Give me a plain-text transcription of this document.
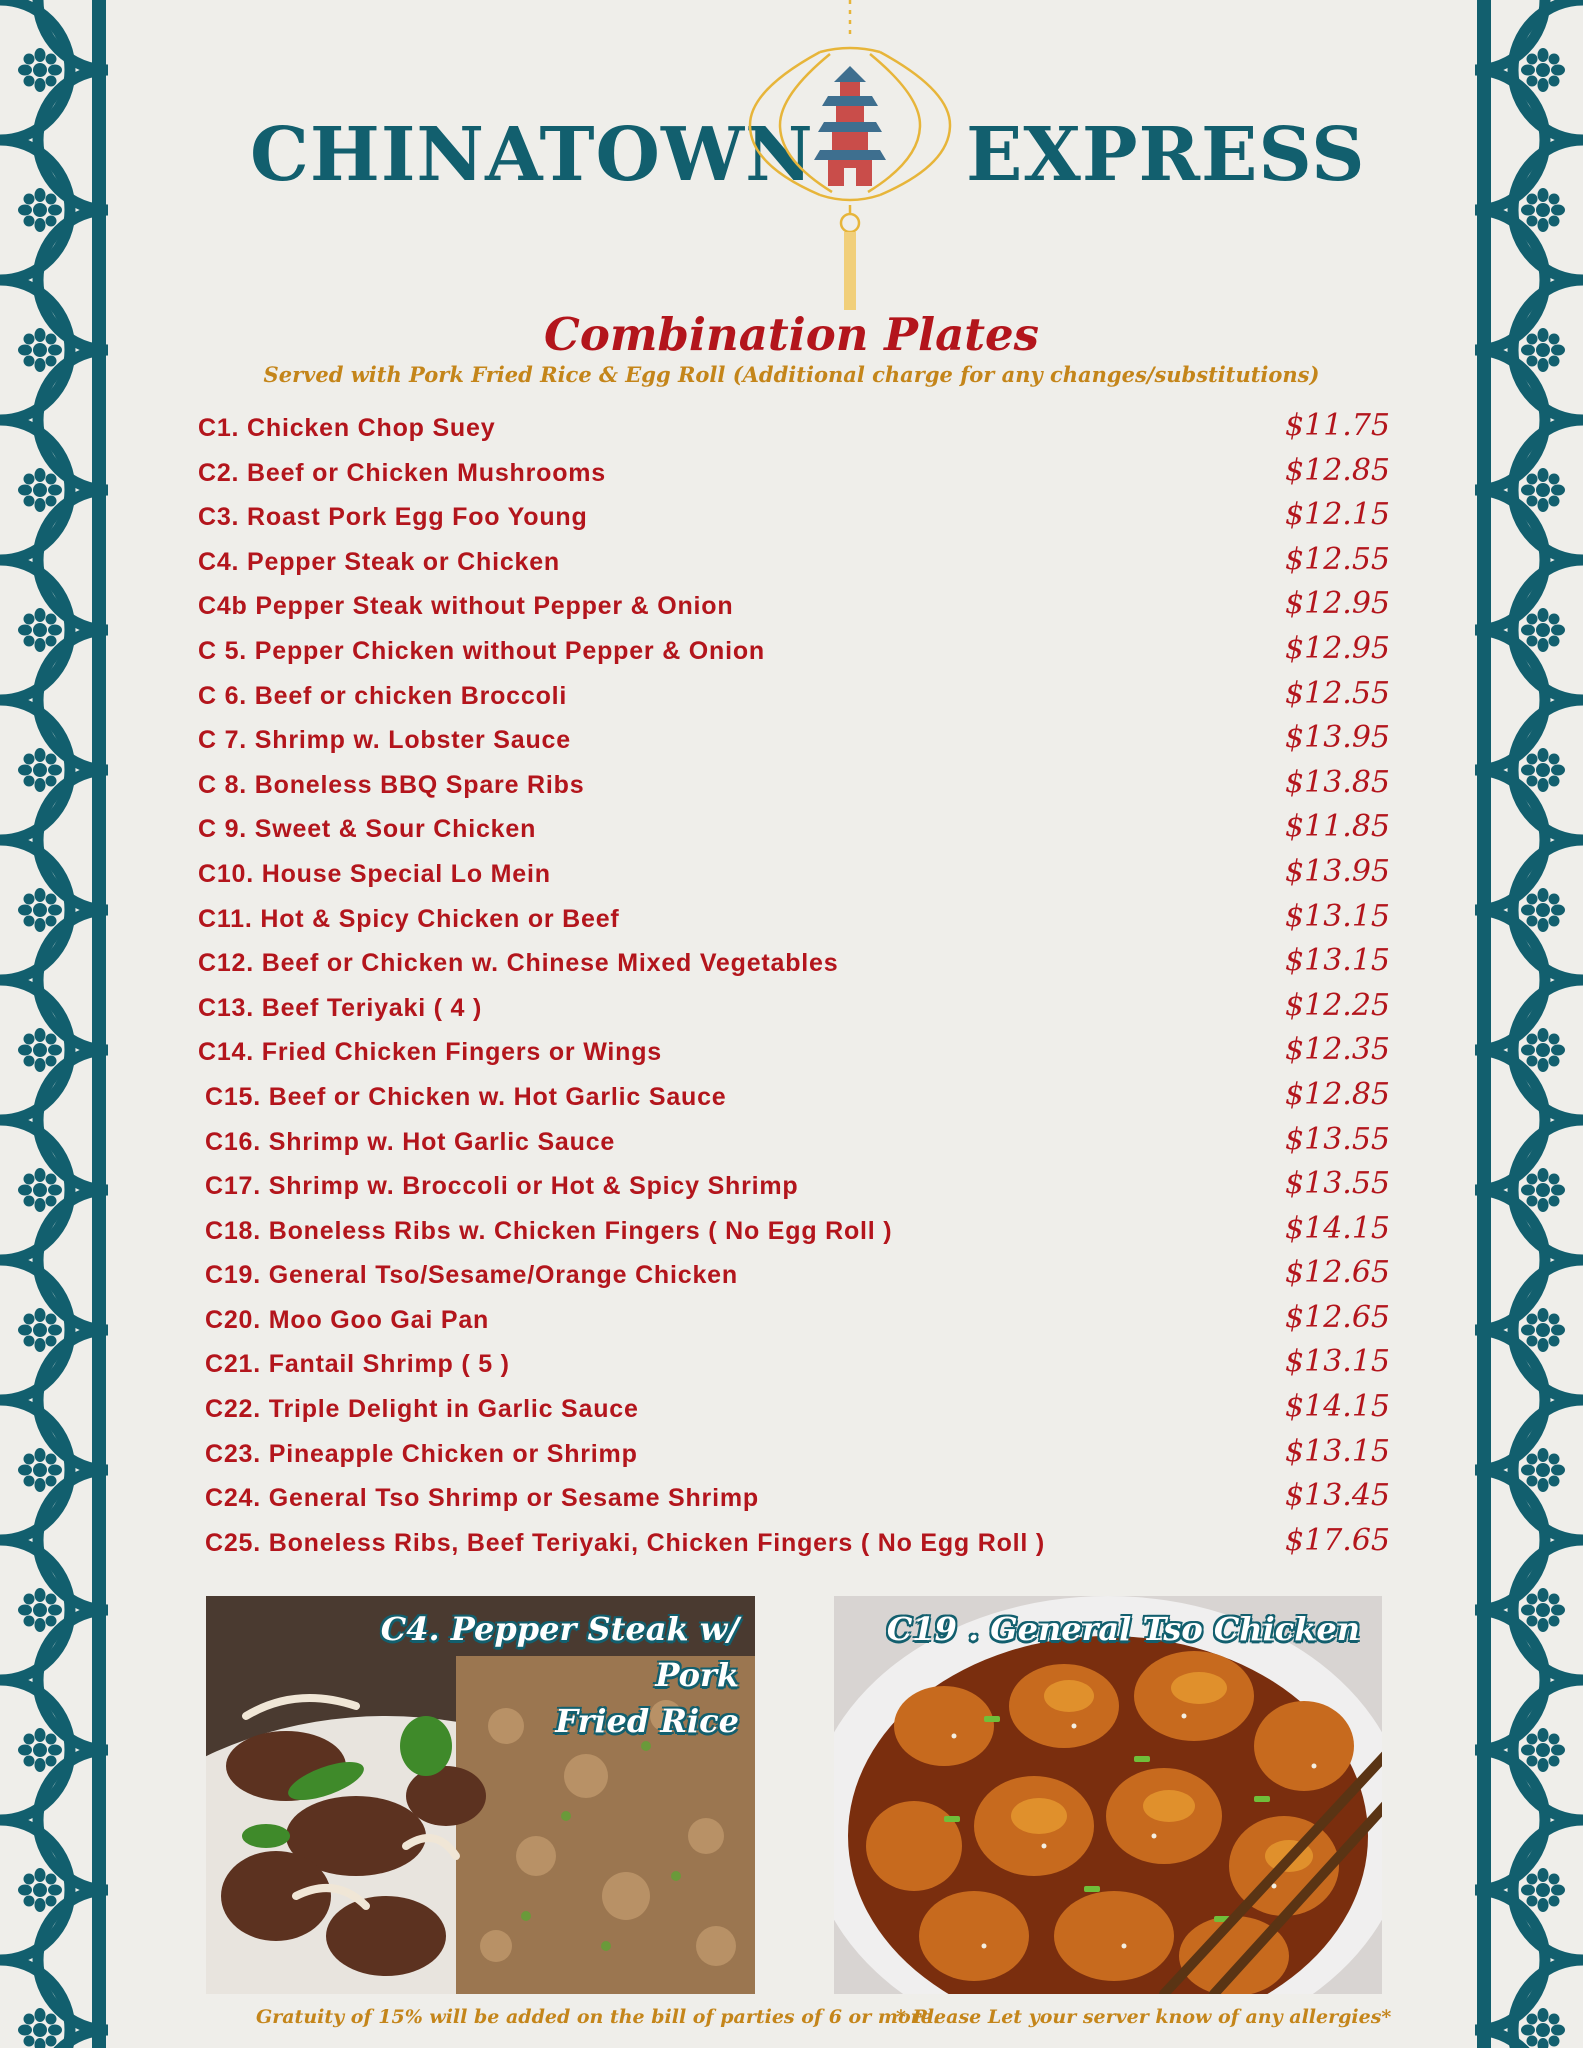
CHINATOWN EXPRESS
Combination Plates
Served with Pork Fried Rice & Egg Roll (Additional charge for any changes/substitutions)
C1. Chicken Chop Suey	$11.75
C2. Beef or Chicken Mushrooms	$12.85
C3. Roast Pork Egg Foo Young	$12.15
C4. Pepper Steak or Chicken	$12.55
C4b Pepper Steak without Pepper & Onion	$12.95
C 5. Pepper Chicken without Pepper & Onion	$12.95
C 6. Beef or chicken Broccoli	$12.55
C 7. Shrimp w. Lobster Sauce	$13.95
C 8. Boneless BBQ Spare Ribs	$13.85
C 9. Sweet & Sour Chicken	$11.85
C10. House Special Lo Mein	$13.95
C11. Hot & Spicy Chicken or Beef	$13.15
C12. Beef or Chicken w. Chinese Mixed Vegetables	$13.15
C13. Beef Teriyaki ( 4 )	$12.25
C14. Fried Chicken Fingers or Wings	$12.35
C15. Beef or Chicken w. Hot Garlic Sauce	$12.85
C16. Shrimp w. Hot Garlic Sauce	$13.55
C17. Shrimp w. Broccoli or Hot & Spicy Shrimp	$13.55
C18. Boneless Ribs w. Chicken Fingers ( No Egg Roll )	$14.15
C19. General Tso/Sesame/Orange Chicken	$12.65
C20. Moo Goo Gai Pan	$12.65
C21. Fantail Shrimp ( 5 )	$13.15
C22. Triple Delight in Garlic Sauce	$14.15
C23. Pineapple Chicken or Shrimp	$13.15
C24. General Tso Shrimp or Sesame Shrimp	$13.45
C25. Boneless Ribs, Beef Teriyaki, Chicken Fingers ( No Egg Roll )	$17.65
C4. Pepper Steak w/ Pork
Fried Rice
C19 . General Tso Chicken
Gratuity of 15% will be added on the bill of parties of 6 or more.
* Please Let your server know of any allergies*
